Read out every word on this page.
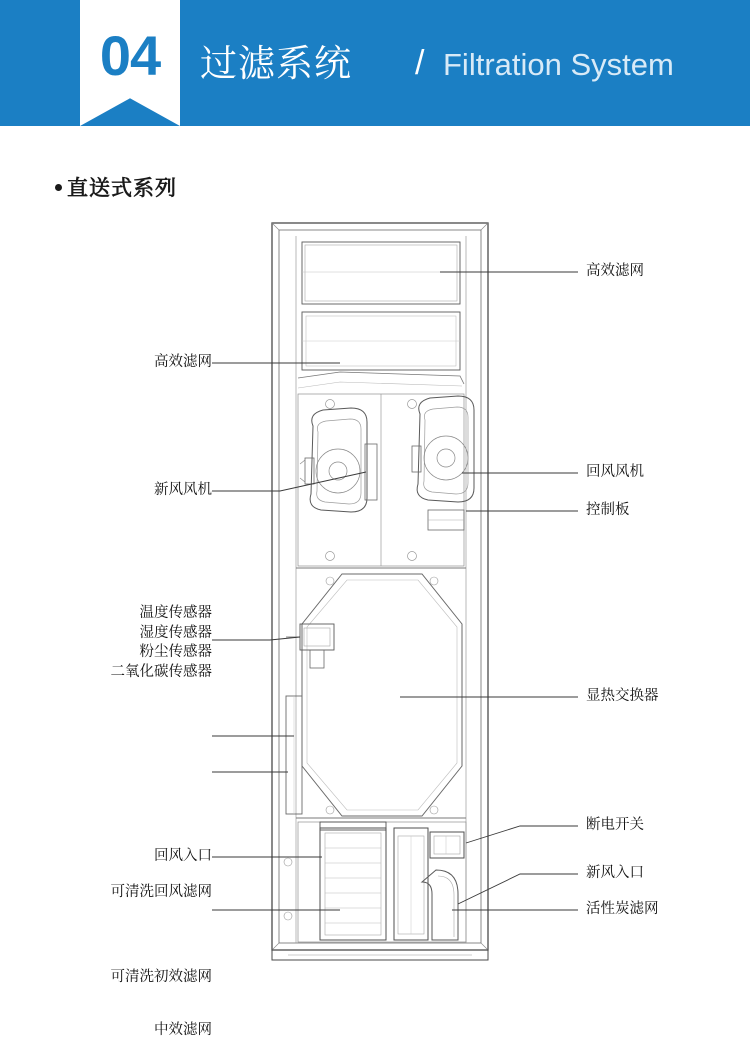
04	过滤系统 / Filtration System
直送式系列
高效滤网
回风风机
控制板
显热交换器
断电开关
新风入口
活性炭滤网
高效滤网
新风风机
回风入口
可清洗回风滤网
可清洗初效滤网
中效滤网
温度传感器
湿度传感器
粉尘传感器
二氧化碳传感器
